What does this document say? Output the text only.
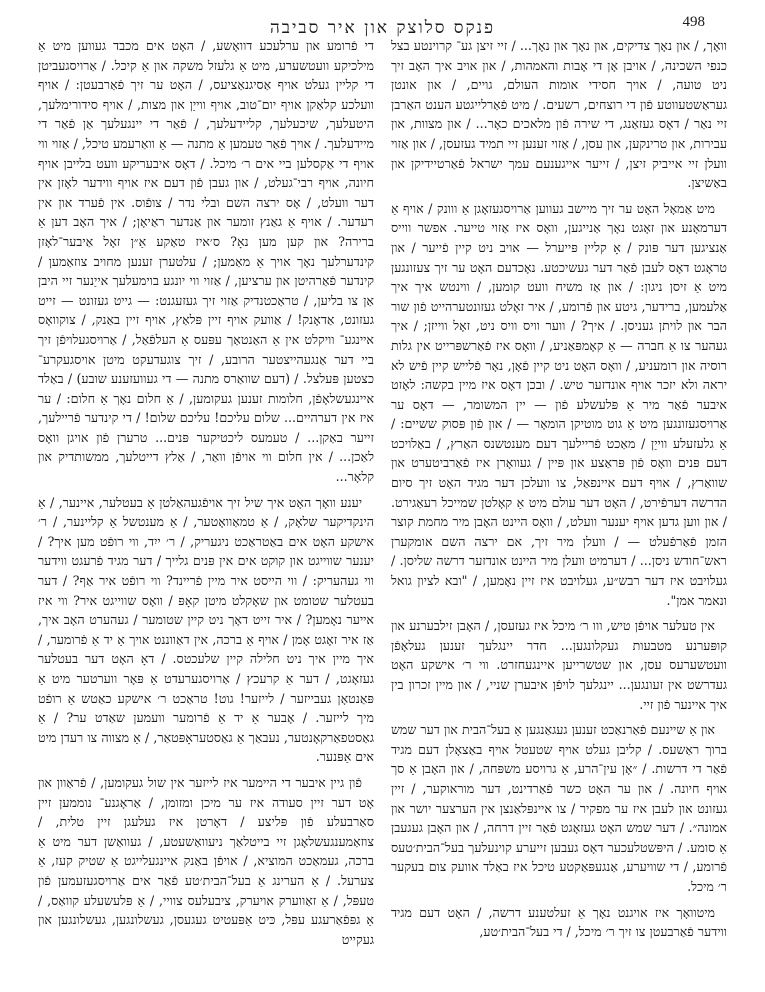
פנקס סלוצק און איר סביבה	498

וואָך, / און נאָך צדיקים, און נאָך און נאָך... / זיי זיצן גע־ קרוינטע בצל כנפי השכינה, / אויבן אָן די אָבות והאמהות, / און אויב איך האָב זיך ניט טועה, / אויך חסידי אומות העולם, גויים, / און אונטן געראַשטעווטע פֿון די רוצחים, רשעים. / מיט פֿאַרלייגטע הענט האַרבן זיי נאַר / דאָס געזאַנג, די שירה פֿון מלאכים כאָר... / און מצוות, און עבירות, און טרינקען, און עסן, / אַזוי זענען זיי תמיד געזעסן, / און אַזוי וועלן זיי אייביק זיצן, / זייער אייגענעם עמך ישראל פֿאַרטיידיקן און באַשיצן.

מיט אַמאָל האָט ער זיך מיישב געווען אַרויסגעזאָגן אַ ווונק / אויף אַ דערמאָנע און זאָגט נאָך אַנייגען, וואָס איז אַזוי טייער. אפשר ווייס אַנציגען דער פּונק / אָ קליין פּייערל — אויב ניט קיין פֿייער / און טראָגט דאָס לעבן פֿאַר דער געשיכטע. נאָכדעם האָט ער זיך צעזונגען מיט אַ זיסן ניגון: / און אַז משיח וועט קומען, / ווינטש איך איך אַלעמען, ברידער, גיטע און פֿרומע, / איר זאָלט געזונטערהייט פֿון שור הבר און לויתן געניסן. / איך? / ווער וויס וויס ניט, זאָל ווייזן; / איך געהער צו אַ חברה — אַ קאָמפּאַניע, / וואָס איז פֿאַרשפּרייט אין גלות רוסיה און רומעניע, / וואָס האָט ניט קיין פֿאָן, נאָר פֿלייש קיין פֿיש לא יראה ולא יזכר אויף אונדזער טיש. / ובכן דאָס איז מיין בקשה: לאָזט איבער פֿאַר מיר אַ פּלעשלע פֿון — יין המשומר, — דאָס ער אַרויסגעזונגען מיט אַ גוט מוטיקן הומאָר — / און פֿון פּסוק ששיים: / אַ גלעזעלע ווייַן / מאַכט פֿריילעך דעם מענטשנס האַרץ, / באַלויכט דעם פּנים וואָס פֿון פּראַצע און פּיין / געוואָרן איז פֿאַרביטערט און שוואַרץ, / אויף דעם איינפאַל, צו וועלכן דער מגיד האָט זיך סיום הדרשה דערפֿירט, / האָט דער עולם מיט אַ קאָלטן שמייכל רעאַגירט. / און ווען גדען אויף יענער וועלט, / וואָס היינט האָבן מיר מחמת קוצר הזמן פֿאַרפֿעלט — / וועלן מיר זיך, אם ירצה השם אומקערן ראש־חודש ניסן... / דערמיט וועלן מיר היינט אונדזער דרשה שליסן. / געלויבט איז דער רבש״ע, געלויבט איז זיין נאָמען, / "ובא לציון גואל ונאמר אמן".

אין טעלער אויפֿן טיש, ווו ר׳ מיכל איז געזעסן, / האָבן זילבערנע און קופּערנע מטבעות געקלונגען... חדר יינגלעך זענען געלאָפֿן וועטשערעס עסן, און שטשרייען איינגעחזרט. ווי ר׳ אישקע האָט געדרשט אין זעונגען... יינגלעך לויפֿן איבערן שניי, / און מיין זכרון בין איך איינער פֿון זיי.

און אַ שיינעם פֿאַרנאַכט זענען געגאַנגען אַ בעל־הבית און דער שמש ברוך ראַשעס. / קליבן געלט אויף שטעטל אויף באַצאָלן דעם מגיד פֿאַר די דרשות. / ״אָן עין־הרע, אַ גרויסע משפּחה, / און האָבן אַ סך אויף חיונה. / און ער האָט כשר פֿאַרדינט, דער מוראוקער, / זיין געזונט און לעבן איז ער מפקיר / צו איינפּלאַנצן אין הערצער יושר און אמונה״. / דער שמש האָט געזאָגט פֿאַר זיין דרחה, / און האָבן געגעבן אַ סומע. / היפּשטלעכער דאָס געבען זייערע קוינעלעך בעל־הבית׳טעס פֿרומע, / די שוויערע, אַנגעפּאַקטע טיכל איז באַלד אוועק צום בעקער ר׳ מיכל.

מיטוואָך איז אויגנט נאָך אַ זעלטענע דרשה, / האָט דעם מגיד ווידער פֿאַרבעטן צו זיך ר׳ מיכל, / די בעל־הבית׳טע,

די פֿרומע און ערלעכע דוואָשע, / האָט אים מכבד געווען מיט אַ מילכיקע וועטשערע, מיט אַ גלעזל משקה און אַ קיכל. / אַרויסגעביטן די קליין געלט אויף אַסיגנאַציעס, / האָט ער זיך פֿאַרבעטן: / אויף וועלכע קלאַקן אויף יום־טוב, אויף ווייַן און מצות, / אויף סידורימלעך, היטעלעך, שיכעלעך, קליידעלעך, / פֿאַר די יינגעלעך אַן פֿאַר די מיידעלעך. / אויך פֿאַר טעמען אַ מתנה — אַ וואַרעמע טיכל, / אַזוי ווי אויף די אַקסלען ביי אים ר׳ מיכל. / דאָס איבעריקע וועט בלייבן אויף חיונה, אויף רבי־געלט, / און געבן פֿון דעם איז אויף ווידער לאָזן אין דער וועלט, / אָס ירצה השם ובלי נדר / צופֿוס. אין פֿערד און אין רעדער. / אויף אַ גאַנץ זומער און אַנדער ראַיאָן; / איך האָב דען אַ ברירה? און קען מען נאָ? ס׳איז טאַקע אַ״ן זאָל אַיבער־לאָזן קינדערלעך נאָך אויך אַ מאַמען; / עלטערן זענען מחויב צוזאַמען / קינדער פֿאַרהיטן און ערציען, / אַזוי ווי יונגע בוימעלעך אייַנער זיי היבן אַן צו בליען, / טראַכטנדיק אַזוי זיך געזעגנט: — גייט געזונט — זייט געזונט, אַדאָנק! / אַוועק אויף זיין פּלאַץ, אויף זיין באַנק, / צוקוואָס איינגע־ וויקלט אין אַ האַנטאַך עפּעס אַ העלפֿאַל, / אַרויסגעלויפֿן זיך ביי דער אַנגעהייצטער הרובע, / זיך צוגעדעקט מיטן אויסגעקרע־ כצטען פּעלצל. / (דעם שוואַרס מתנה — די געוועזענע שובע) / באַלד איינגעשלאָפֿן, חלומות זענען געקומען, / אַ חלום נאָך אַ חלום: / ער איז אין דערהיים... שלום עליכם! עליכם שלום! / די קינדער פֿריילעך, זייער באַקן... / טעמעס ליכטיקער פּנים... טרערן פֿון אויגן וואָס לאַכן... / אין חלום ווי אויפֿן וואַר, / אַלץ דייטלעך, ממשותדיק און קלאָר...

יענע וואָך האָט איך שיל זיך אויפֿגעהאַלטן אַ בעטלער, איינער, / אַ הינקדיקער שלאָק, / אַ טמאַוואָטער, / אַ מענטשל אַ קליינער, / ר׳ אישקע האָט אים באַטראַכט ניגעריק, / ר׳ ייִד, ווי רופֿט מען איך? / יענער שווייגט און קוקט אים אין פּנים גלייך / דער מגיד פֿרעגט ווידער ווי געהעריק: / ווי הייסט איר מיין פֿריינד? ווי רופֿט איר אַף? / דער בעטלער שטומט און שאָקלט מיטן קאָפּ / וואָס שווייגט איר? ווי איז אייער נאָמען? / איר זייט דאָך ניט קיין שטומער / געהערט האָב איך, אַז איר זאָגט אָמן / אויף אַ ברכה, אין דאַווננט אויך אַ יד אַ פֿרומער, / איך מיין איך ניט חלילה קיין שלעכטס. / דאָ האָט דער בעטלער געזאָגט, / דער אַ קרעכץ / אַרויסגערעדט אַ פּאָר ווערטער מיט אַ פּאַנטאָן געבייזער / לייזער! גוט! טראַכט ר׳ אישקע כאַטש אַ רופֿט מיך לייזער. / אָבער אַ יד אַ פֿרומער וועמען שאַדט ער? / אַ גאַסטפאַרקאָנטער, נעבאַך אַ גאַסטעראָפּטאַר, / אַ מצווה צו רעדן מיט אים אַפּנער.

פֿון גיין איבער די היימער איז לייזער אין שול געקומען, / פֿראַוון און אָט דער זיין סעודה איז ער מיכן ומזומן, / אַראָגנע־ נוממען זיין סאַרבעלע פֿון פּליצע / דאָרטן איז געלעגן זיין טלית, / צוזאַמענגעשלאָגן זיי בייטלאַך ניעוואַשעטע, / געוואַשן דער מיט אַ ברכה, געמאַכט המוציא, / אויפֿן באַנק איינגעלייגט אַ שטיק קעז, אַ צערעל. / אַ הערינג אַ בעל־הבית׳טע פֿאַר אים אַרויסגעזעמען פֿון טעפּל, / אַ זאַווערק אויערק, ציבעלעס צוויי, / אַ פּלעשעלע קוואַס, / אַ גפּפֿאַרעגע עפּל, כּיט אַפּעטיט געגעסן, געשלונגען, געשלונגען און געקייט
